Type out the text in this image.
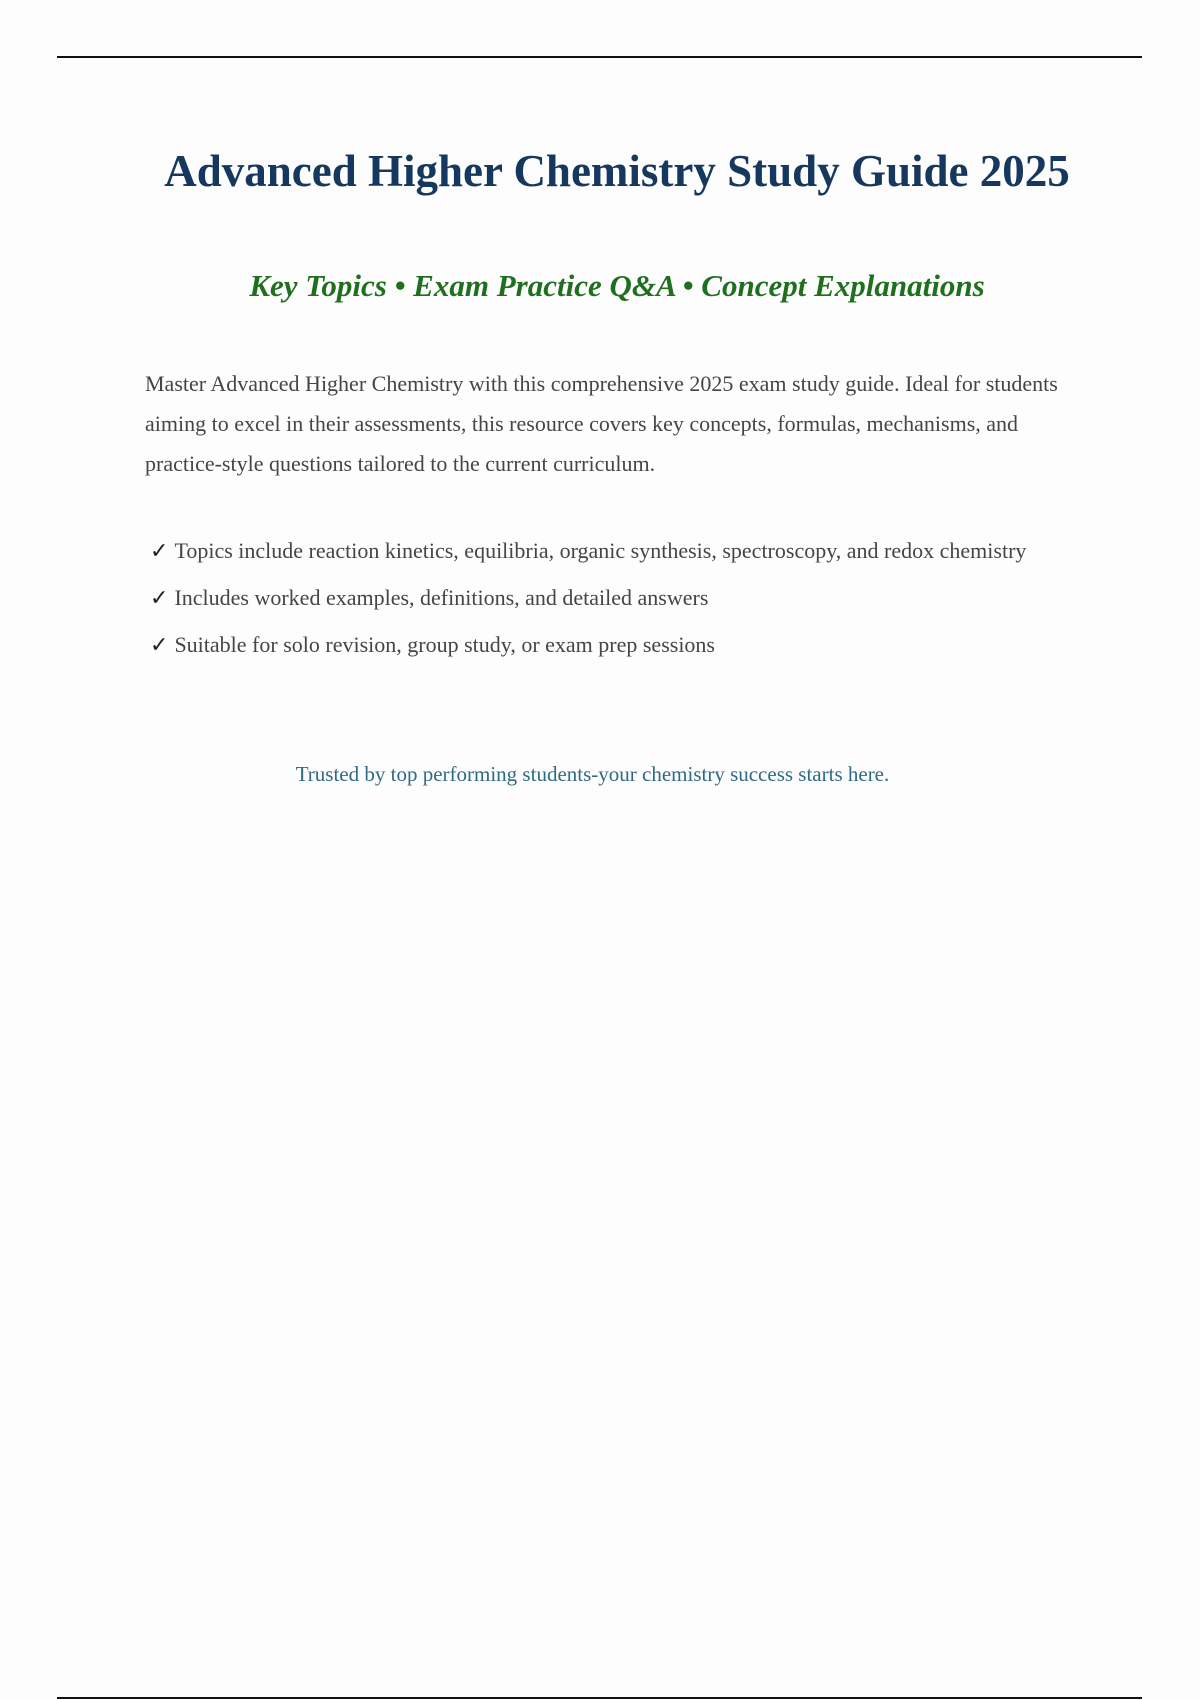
Advanced Higher Chemistry Study Guide 2025

Key Topics • Exam Practice Q&A • Concept Explanations

Master Advanced Higher Chemistry with this comprehensive 2025 exam study guide. Ideal for students aiming to excel in their assessments, this resource covers key concepts, formulas, mechanisms, and practice-style questions tailored to the current curriculum.

✓ Topics include reaction kinetics, equilibria, organic synthesis, spectroscopy, and redox chemistry
✓ Includes worked examples, definitions, and detailed answers
✓ Suitable for solo revision, group study, or exam prep sessions

Trusted by top performing students-your chemistry success starts here.
